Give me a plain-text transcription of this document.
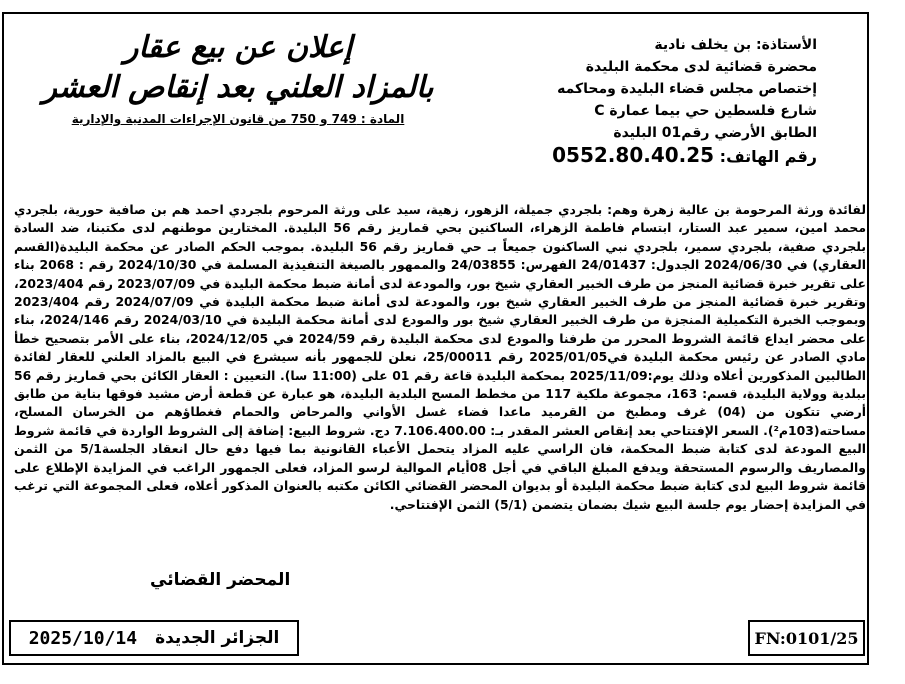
إعلان عن بيع عقار
بالمزاد العلني بعد إنقاص العشر
المادة : 749 و 750 من قانون الإجراءات المدنية والإدارية
الأستاذة: بن يخلف نادية
محضرة قضائية لدى محكمة البليدة
إختصاص مجلس قضاء البليدة ومحاكمه
شارع فلسطين حي بيما عمارة C
الطابق الأرضي رقم01 البليدة
رقم الهاتف: 0552.80.40.25
لفائدة ورثة المرحومة بن عالية زهرة وهم: بلجردي جميلة، الزهور، زهية، سيد على ورثة المرحوم بلجردي احمد هم بن صافية حورية، بلجردي محمد امين، سمير عبد الستار، ابتسام فاطمة الزهراء، الساكنين بحي قماريز رقم 56 البليدة. المختارين موطنهم لدى مكتبنا، ضد السادة بلجردي صفية، بلجردي سمير، بلجردي نبي الساكنون جميعاً بـ حي قماريز رقم 56 البليدة. بموجب الحكم الصادر عن محكمة البليدة(القسم العقاري) في 2024/06/30 الجدول: 24/01437 الفهرس: 24/03855 والممهور بالصيغة التنفيذية المسلمة في 2024/10/30 رقم : 2068 بناء على تقرير خبرة قضائية المنجز من طرف الخبير العقاري شيخ بور، والمودعة لدى أمانة ضبط محكمة البليدة في 2023/07/09 رقم 2023/404، وتقرير خبرة قضائية المنجز من طرف الخبير العقاري شيخ بور، والمودعة لدى أمانة ضبط محكمة البليدة في 2024/07/09 رقم 2023/404 وبموجب الخبرة التكميلية المنجزة من طرف الخبير العقاري شيخ بور والمودع لدى أمانة محكمة البليدة في 2024/03/10 رقم 2024/146، بناء على محضر ايداع قائمة الشروط المحرر من طرفنا والمودع لدى محكمة البليدة رقم 2024/59 في 2024/12/05، بناء على الأمر بتصحيح خطأ مادي الصادر عن رئيس محكمة البليدة في2025/01/05 رقم 25/00011، نعلن للجمهور بأنه سيشرع في البيع بالمزاد العلني للعقار لفائدة الطالبين المذكورين أعلاه وذلك يوم:2025/11/09 بمحكمة البليدة قاعة رقم 01 على (11:00 سا). التعيين : العقار الكائن بحي قماريز رقم 56 ببلدية وولاية البليدة، قسم: 163، مجموعة ملكية 117 من مخطط المسح البلدية البليدة، هو عبارة عن قطعة أرض مشيد فوقها بناية من طابق أرضي تتكون من (04) غرف ومطبخ من القرميد ماعدا فضاء غسل الأواني والمرحاض والحمام فغطاؤهم من الخرسان المسلح، مساحته(103م²). السعر الإفتتاحي بعد إنقاص العشر المقدر بـ: 7.106.400.00 دج. شروط البيع: إضافة إلى الشروط الواردة في قائمة شروط البيع المودعة لدى كتابة ضبط المحكمة، فان الراسي عليه المزاد يتحمل الأعباء القانونية بما فيها دفع حال انعقاد الجلسة5/1 من الثمن والمصاريف والرسوم المستحقة ويدفع المبلغ الباقي في أجل 08أيام الموالية لرسو المزاد، فعلى الجمهور الراغب في المزايدة الإطلاع على قائمة شروط البيع لدى كتابة ضبط محكمة البليدة أو بديوان المحضر القضائي الكائن مكتبه بالعنوان المذكور أعلاه، فعلى المجموعة التي ترغب في المزايدة إحضار يوم جلسة البيع شيك بضمان يتضمن (5/1) الثمن الإفتتاحي.
المحضر القضائي
الجزائر الجديدة
2025/10/14	FN:0101/25
